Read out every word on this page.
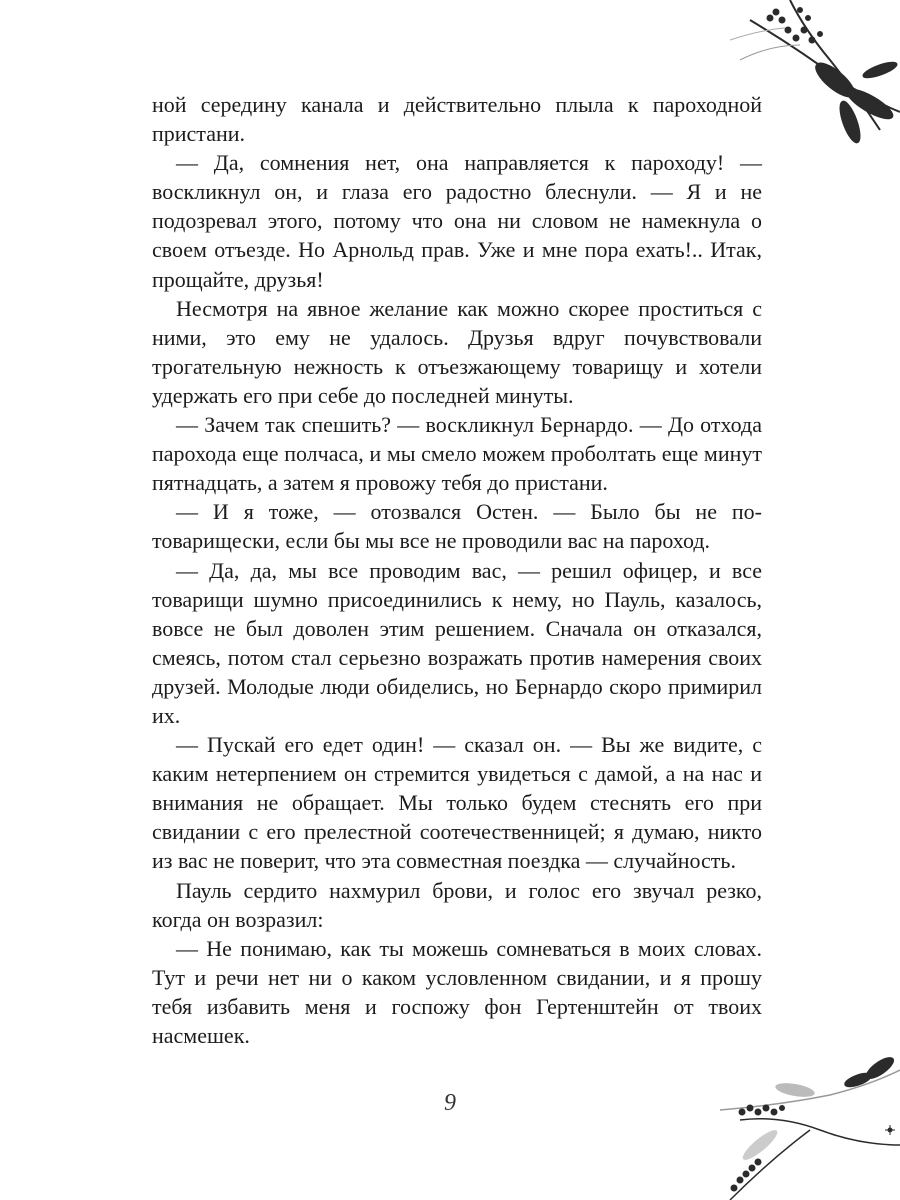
ной середину канала и действительно плыла к пароходной пристани.

— Да, сомнения нет, она направляется к пароходу! — воскликнул он, и глаза его радостно блеснули. — Я и не подозревал этого, потому что она ни словом не намекнула о своем отъезде. Но Арнольд прав. Уже и мне пора ехать!.. Итак, прощайте, друзья!

Несмотря на явное желание как можно скорее проститься с ними, это ему не удалось. Друзья вдруг почувствовали трогательную нежность к отъезжающему товарищу и хотели удержать его при себе до последней минуты.

— Зачем так спешить? — воскликнул Бернардо. — До отхода парохода еще полчаса, и мы смело можем проболтать еще минут пятнадцать, а затем я провожу тебя до пристани.

— И я тоже, — отозвался Остен. — Было бы не по-товарищески, если бы мы все не проводили вас на пароход.

— Да, да, мы все проводим вас, — решил офицер, и все товарищи шумно присоединились к нему, но Пауль, казалось, вовсе не был доволен этим решением. Сначала он отказался, смеясь, потом стал серьезно возражать против намерения своих друзей. Молодые люди обиделись, но Бернардо скоро примирил их.

— Пускай его едет один! — сказал он. — Вы же видите, с каким нетерпением он стремится увидеться с дамой, а на нас и внимания не обращает. Мы только будем стеснять его при свидании с его прелестной соотечественницей; я думаю, никто из вас не поверит, что эта совместная поездка — случайность.

Пауль сердито нахмурил брови, и голос его звучал резко, когда он возразил:

— Не понимаю, как ты можешь сомневаться в моих словах. Тут и речи нет ни о каком условленном свидании, и я прошу тебя избавить меня и госпожу фон Гертенштейн от твоих насмешек.

9
